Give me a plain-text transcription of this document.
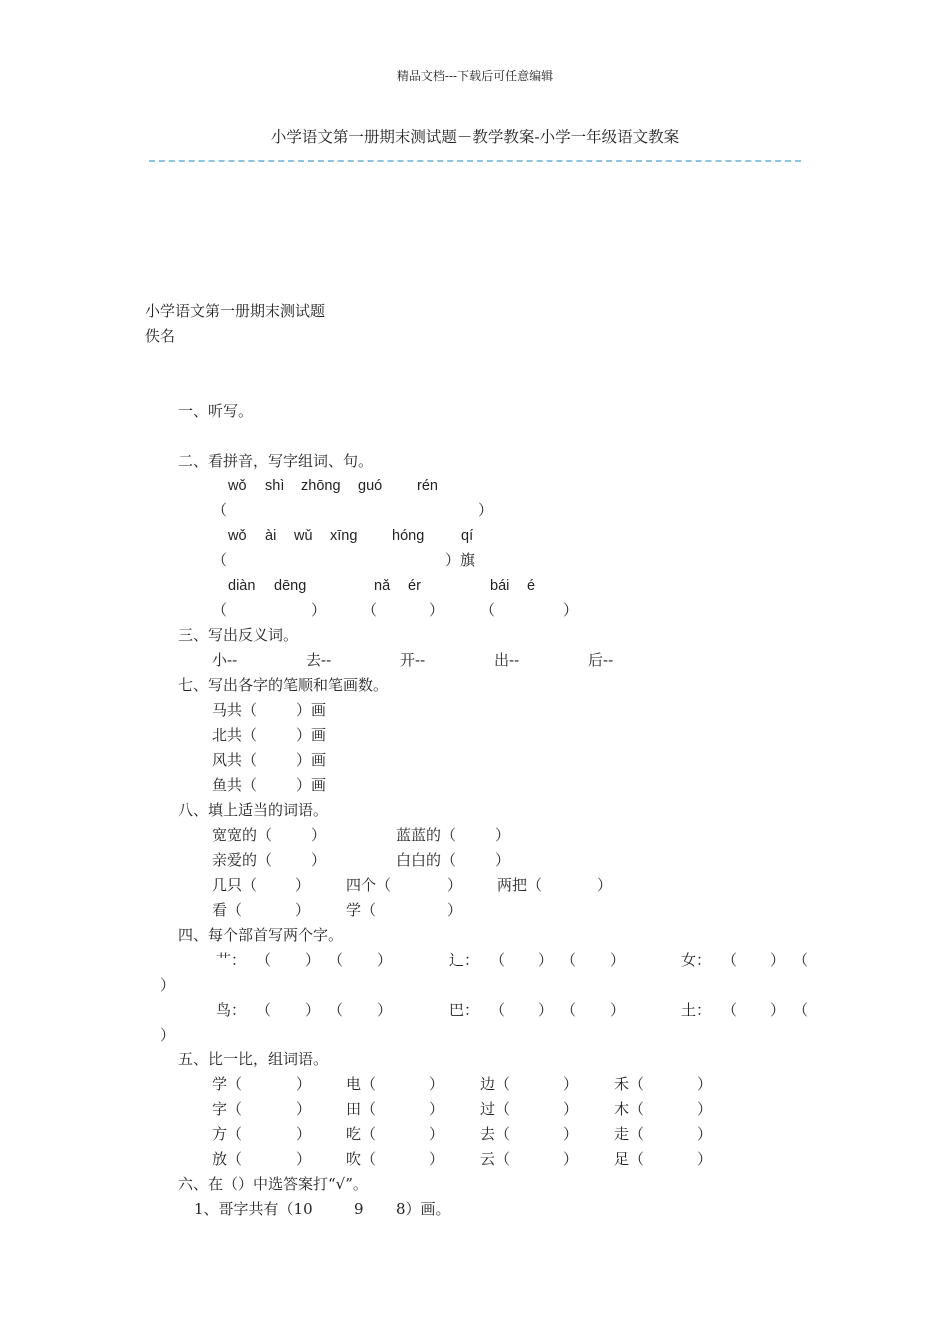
精品文档---下载后可任意编辑
小学语文第一册期末测试题－教学教案-小学一年级语文教案
小学语文第一册期末测试题
佚名
一、听写。
二、看拼音，写字组词、句。
wǒ shì zhōng guó rén
（	）
wǒ ài wǔ xīng hóng	qí
（	）旗
diàn dēng	nǎ ér	bái é
（	） （	） （	）
三、写出反义词。
小--	去--	开--	出--	后--
七、写出各字的笔顺和笔画数。
马共（	）画
北共（	）画
风共（	）画
鱼共（	）画
八、填上适当的词语。
宽宽的（	）	蓝蓝的（	）
亲爱的（	）	白白的（	）
几只（	） 四个（	） 两把（	）
看（	） 学（	）
四、每个部首写两个字。
艹： （ ） （ ）	辶： （ ） （ ）	女： （ ） （
）
鸟： （ ） （ ）	巴： （ ） （ ）	土： （ ） （
）
五、比一比，组词语。
学（	） 电（	） 边（	） 禾（	）
字（	） 田（	） 过（	） 木（	）
方（	） 吃（	） 去（	） 走（	）
放（	） 吹（	） 云（	） 足（	）
六、在（）中选答案打“√”。
1、哥字共有（10	9 8）画。
